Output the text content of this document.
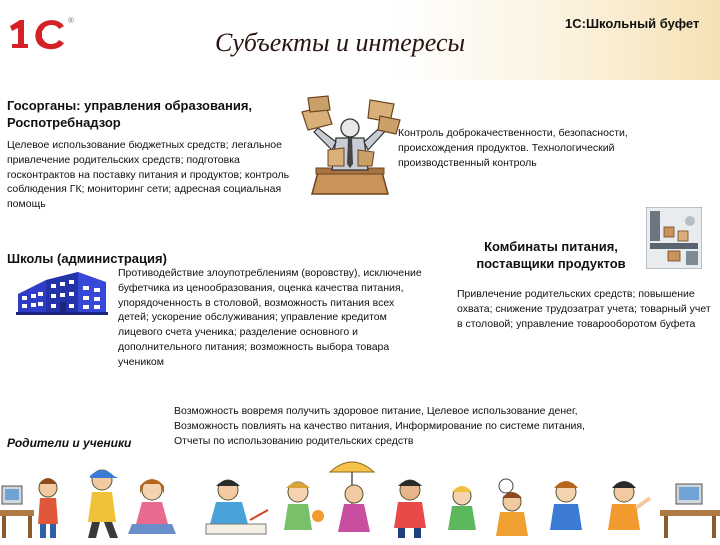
®
Субъекты и интересы
1С:Школьный буфет
Госорганы: управления образования,
Роспотребнадзор
Целевое использование бюджетных средств; легальное привлечение родительских средств; подготовка госконтрактов на поставку питания и продуктов; контроль соблюдения ГК; мониторинг сети; адресная социальная помощь
Контроль доброкачественности, безопасности, происхождения продуктов. Технологический производственный контроль
Школы (администрация)
Противодействие злоупотреблениям (воровству), исключение буфетчика из ценообразования, оценка качества питания, упорядоченность в столовой, возможность питания всех детей; ускорение обслуживания; управление кредитом лицевого счета ученика; разделение основного и дополнительного питания; возможность выбора товара учеником
Комбинаты питания,
поставщики продуктов
Привлечение родительских средств; повышение охвата; снижение трудозатрат учета; товарный учет в столовой; управление товарооборотом буфета
Возможность вовремя получить здоровое питание, Целевое использование денег,
Возможность повлиять на качество питания, Информирование по системе питания,
Отчеты по использованию родительских средств
Родители и ученики
